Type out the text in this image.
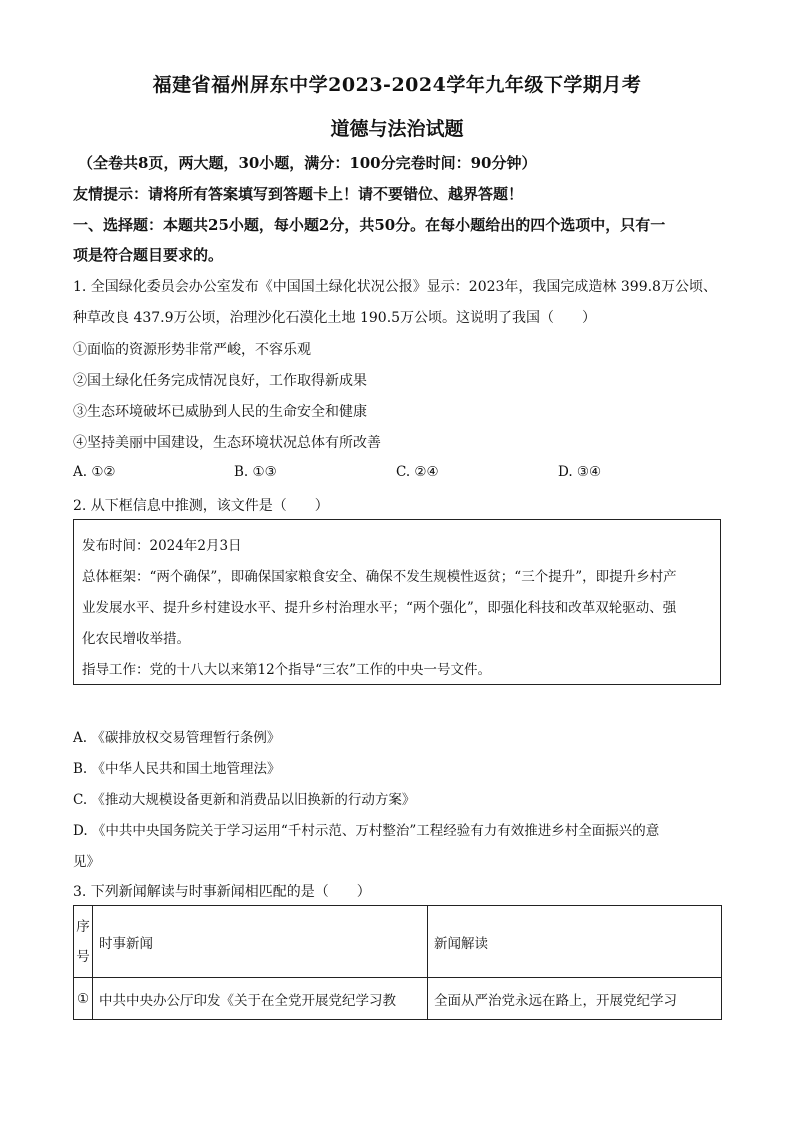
福建省福州屏东中学2023-2024学年九年级下学期月考
道德与法治试题
（全卷共8页，两大题，30小题，满分：100分完卷时间：90分钟）
友情提示：请将所有答案填写到答题卡上！请不要错位、越界答题！
一、选择题：本题共25小题，每小题2分，共50分。在每小题给出的四个选项中，只有一
项是符合题目要求的。
1. 全国绿化委员会办公室发布《中国国土绿化状况公报》显示：2023年，我国完成造林 399.8万公顷、
种草改良 437.9万公顷，治理沙化石漠化土地 190.5万公顷。这说明了我国（　　）
①面临的资源形势非常严峻，不容乐观
②国土绿化任务完成情况良好，工作取得新成果
③生态环境破坏已威胁到人民的生命安全和健康
④坚持美丽中国建设，生态环境状况总体有所改善
A. ①②	B. ①③	C. ②④	D. ③④
2. 从下框信息中推测，该文件是（　　）
发布时间：2024年2月3日
总体框架：“两个确保”，即确保国家粮食安全、确保不发生规模性返贫；“三个提升”，即提升乡村产
业发展水平、提升乡村建设水平、提升乡村治理水平；“两个强化”，即强化科技和改革双轮驱动、强
化农民增收举措。
指导工作：党的十八大以来第12个指导“三农”工作的中央一号文件。
A. 《碳排放权交易管理暂行条例》
B. 《中华人民共和国土地管理法》
C. 《推动大规模设备更新和消费品以旧换新的行动方案》
D. 《中共中央国务院关于学习运用“千村示范、万村整治”工程经验有力有效推进乡村全面振兴的意
见》
3. 下列新闻解读与时事新闻相匹配的是（　　）
序
号	时事新闻	新闻解读
①	中共中央办公厅印发《关于在全党开展党纪学习教	全面从严治党永远在路上，开展党纪学习
